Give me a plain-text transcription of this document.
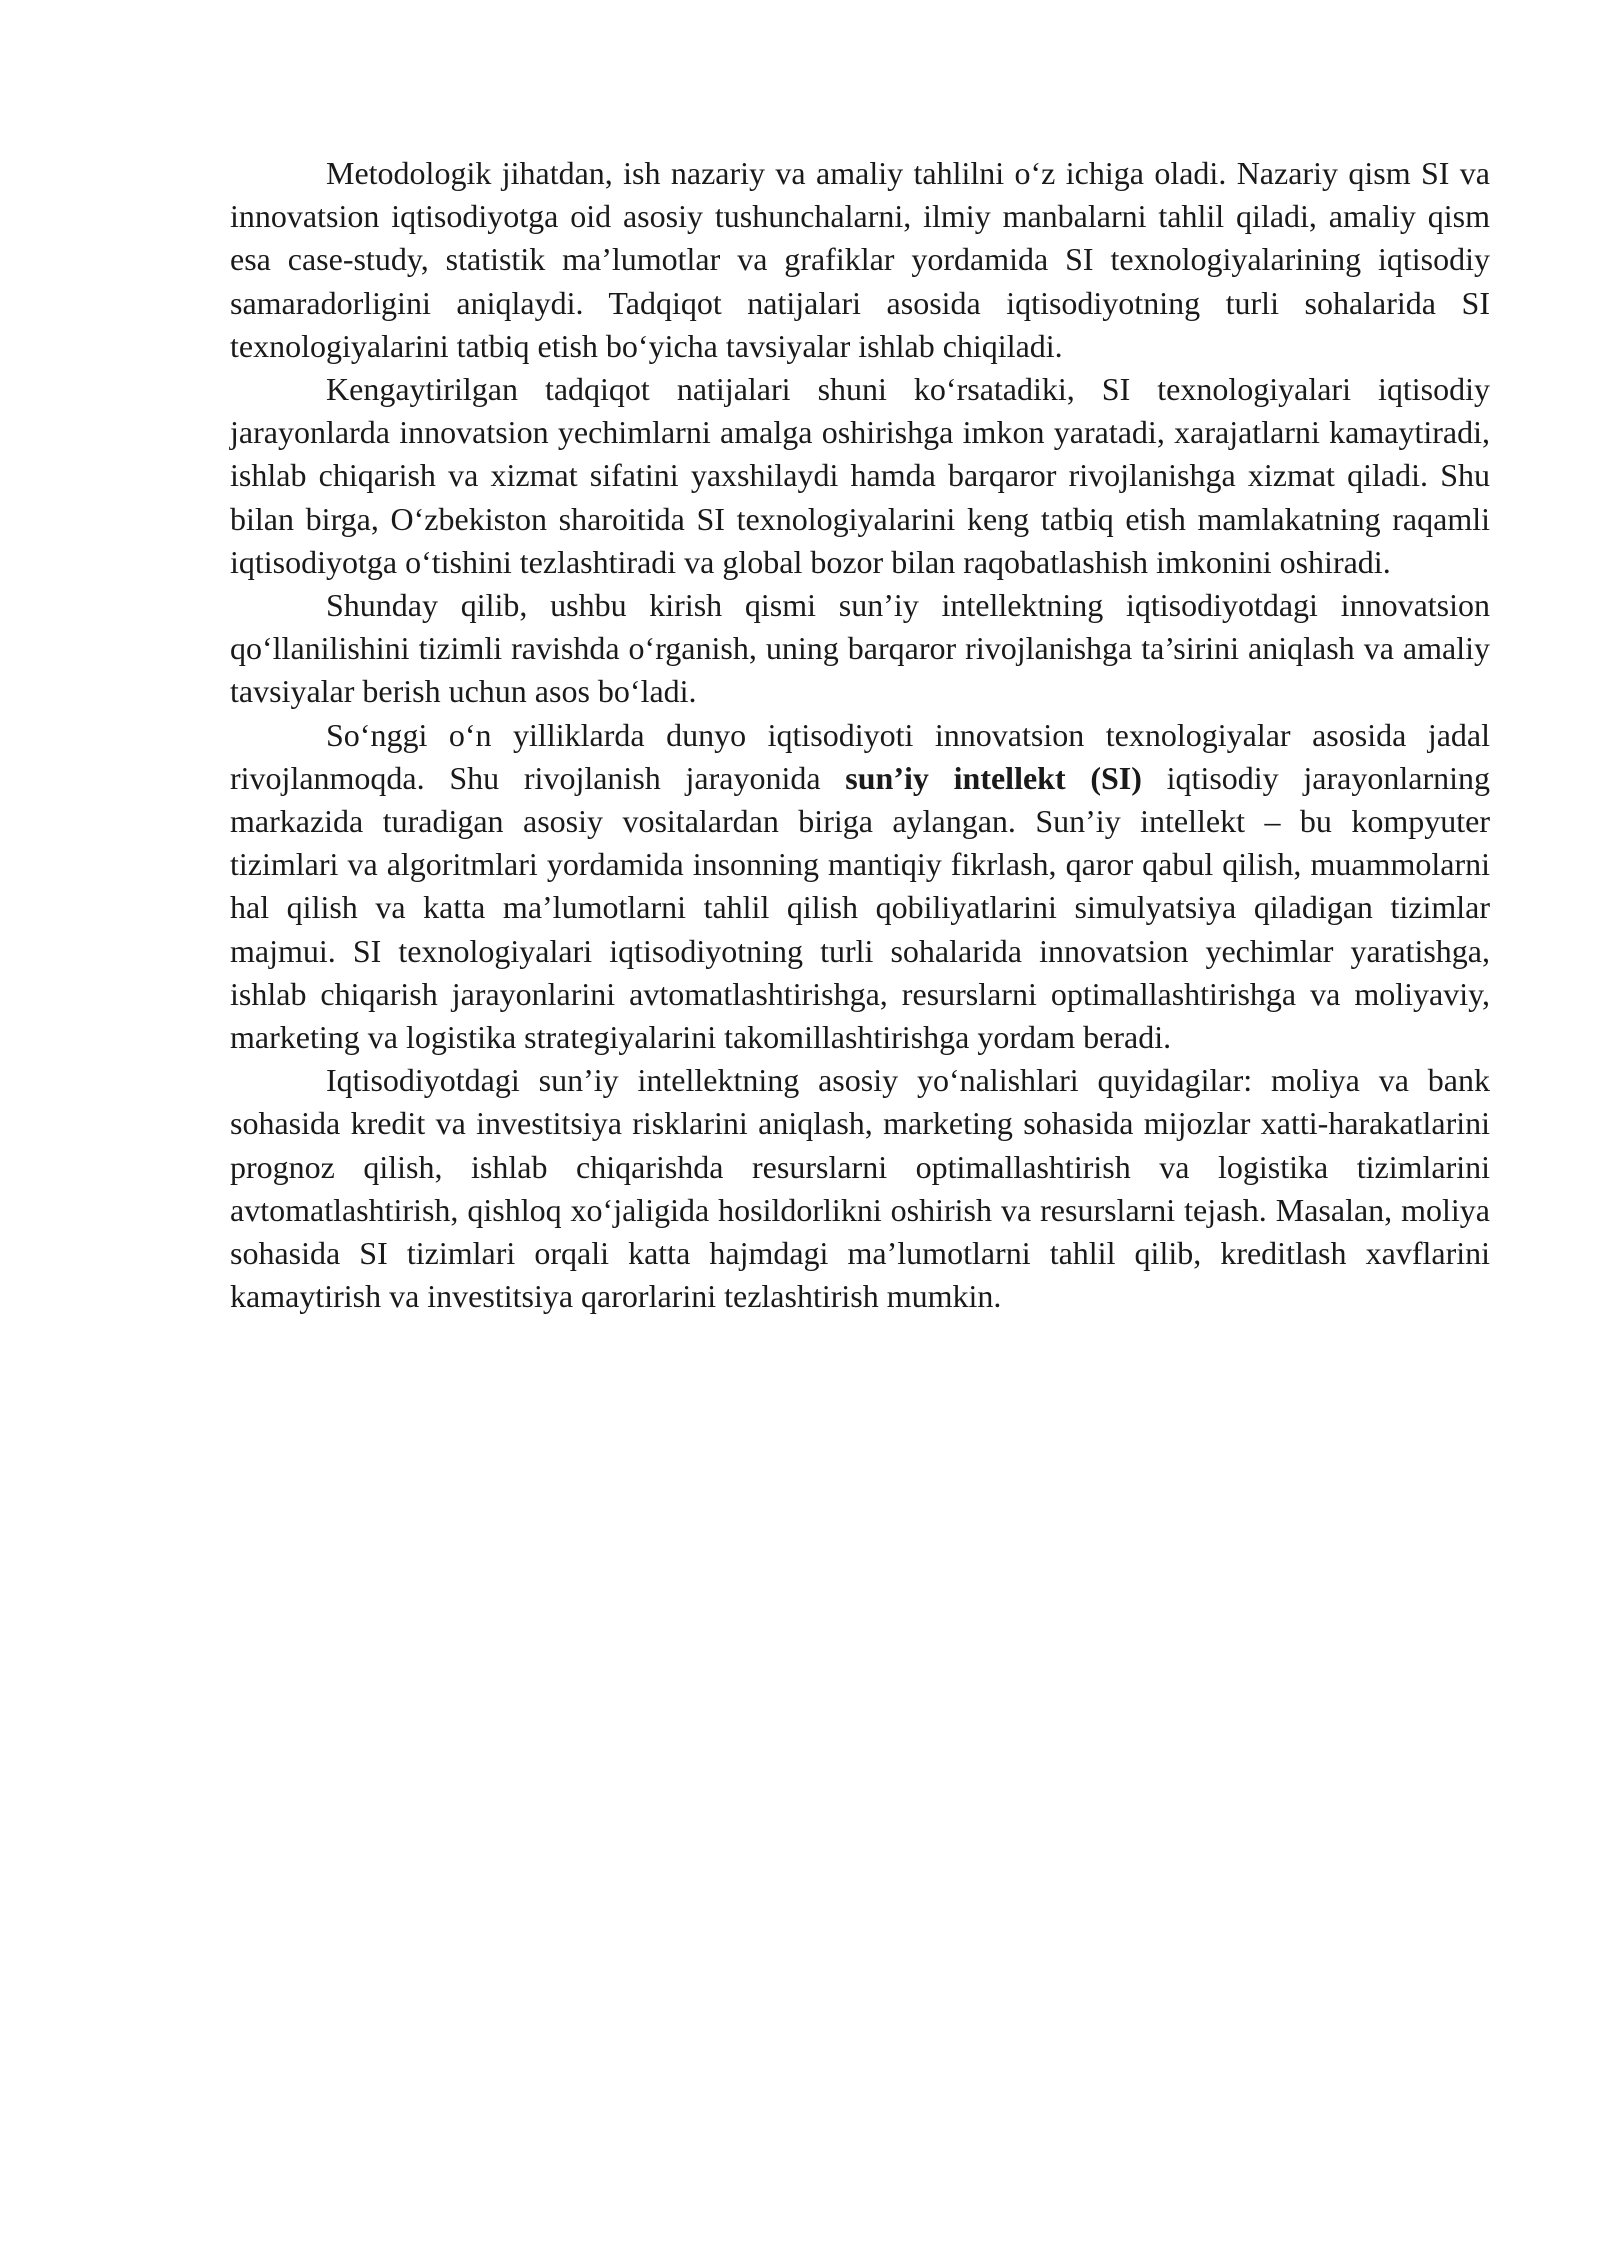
Metodologik jihatdan, ish nazariy va amaliy tahlilni o‘z ichiga oladi. Nazariy qism SI va innovatsion iqtisodiyotga oid asosiy tushunchalarni, ilmiy manbalarni tahlil qiladi, amaliy qism esa case-study, statistik ma’lumotlar va grafiklar yordamida SI texnologiyalarining iqtisodiy samaradorligini aniqlaydi. Tadqiqot natijalari asosida iqtisodiyotning turli sohalarida SI texnologiyalarini tatbiq etish bo‘yicha tavsiyalar ishlab chiqiladi.

Kengaytirilgan tadqiqot natijalari shuni ko‘rsatadiki, SI texnologiyalari iqtisodiy jarayonlarda innovatsion yechimlarni amalga oshirishga imkon yaratadi, xarajatlarni kamaytiradi, ishlab chiqarish va xizmat sifatini yaxshilaydi hamda barqaror rivojlanishga xizmat qiladi. Shu bilan birga, O‘zbekiston sharoitida SI texnologiyalarini keng tatbiq etish mamlakatning raqamli iqtisodiyotga o‘tishini tezlashtiradi va global bozor bilan raqobatlashish imkonini oshiradi.

Shunday qilib, ushbu kirish qismi sun’iy intellektning iqtisodiyotdagi innovatsion qo‘llanilishini tizimli ravishda o‘rganish, uning barqaror rivojlanishga ta’sirini aniqlash va amaliy tavsiyalar berish uchun asos bo‘ladi.

So‘nggi o‘n yilliklarda dunyo iqtisodiyoti innovatsion texnologiyalar asosida jadal rivojlanmoqda. Shu rivojlanish jarayonida sun’iy intellekt (SI) iqtisodiy jarayonlarning markazida turadigan asosiy vositalardan biriga aylangan. Sun’iy intellekt – bu kompyuter tizimlari va algoritmlari yordamida insonning mantiqiy fikrlash, qaror qabul qilish, muammolarni hal qilish va katta ma’lumotlarni tahlil qilish qobiliyatlarini simulyatsiya qiladigan tizimlar majmui. SI texnologiyalari iqtisodiyotning turli sohalarida innovatsion yechimlar yaratishga, ishlab chiqarish jarayonlarini avtomatlashtirishga, resurslarni optimallashtirishga va moliyaviy, marketing va logistika strategiyalarini takomillashtirishga yordam beradi.

Iqtisodiyotdagi sun’iy intellektning asosiy yo‘nalishlari quyidagilar: moliya va bank sohasida kredit va investitsiya risklarini aniqlash, marketing sohasida mijozlar xatti-harakatlarini prognoz qilish, ishlab chiqarishda resurslarni optimallashtirish va logistika tizimlarini avtomatlashtirish, qishloq xo‘jaligida hosildorlikni oshirish va resurslarni tejash. Masalan, moliya sohasida SI tizimlari orqali katta hajmdagi ma’lumotlarni tahlil qilib, kreditlash xavflarini kamaytirish va investitsiya qarorlarini tezlashtirish mumkin.
